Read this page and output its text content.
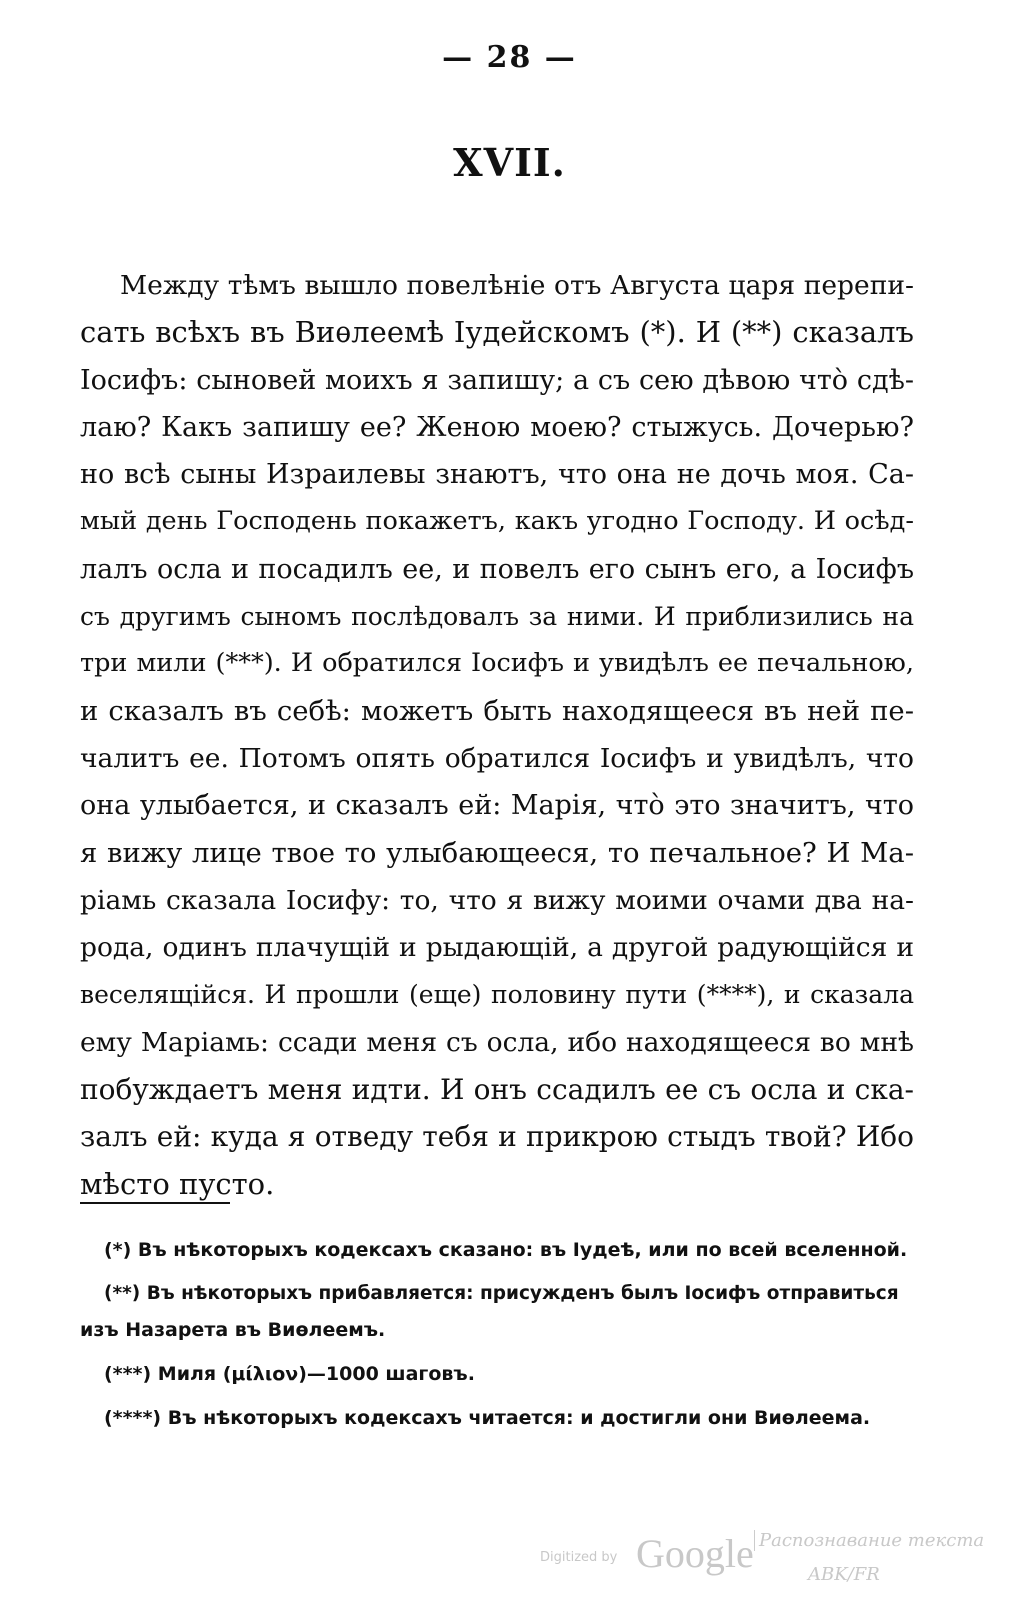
— 28 —
XVII.
Между тѣмъ вышло повелѣніе отъ Августа царя перепи-
сать всѣхъ въ Виѳлеемѣ Іудейскомъ (*). И (**) сказалъ
Іосифъ: сыновей моихъ я запишу; а съ сею дѣвою что̀ сдѣ-
лаю? Какъ запишу ее? Женою моею? стыжусь. Дочерью?
но всѣ сыны Израилевы знаютъ, что она не дочь моя. Са-
мый день Господень покажетъ, какъ угодно Господу. И осѣд-
лалъ осла и посадилъ ее, и повелъ его сынъ его, а Іосифъ
съ другимъ сыномъ послѣдовалъ за ними. И приблизились на
три мили (***). И обратился Іосифъ и увидѣлъ ее печальною,
и сказалъ въ себѣ: можетъ быть находящееся въ ней пе-
чалитъ ее. Потомъ опять обратился Іосифъ и увидѣлъ, что
она улыбается, и сказалъ ей: Марія, что̀ это значитъ, что
я вижу лице твое то улыбающееся, то печальное? И Ма-
ріамь сказала Іосифу: то, что я вижу моими очами два на-
рода, одинъ плачущій и рыдающій, а другой радующійся и
веселящійся. И прошли (еще) половину пути (****), и сказала
ему Маріамь: ссади меня съ осла, ибо находящееся во мнѣ
побуждаетъ меня идти. И онъ ссадилъ ее съ осла и ска-
залъ ей: куда я отведу тебя и прикрою стыдъ твой? Ибо
мѣсто пусто.
(*) Въ нѣкоторыхъ кодексахъ сказано: въ Іудеѣ, или по всей вселенной.
(**) Въ нѣкоторыхъ прибавляется: присужденъ былъ Іосифъ отправиться
изъ Назарета въ Виѳлеемъ.
(***) Миля (μίλιον)—1000 шаговъ.
(****) Въ нѣкоторыхъ кодексахъ читается: и достигли они Виѳлеема.
Digitized by Google Распознавание текста
ABK/FR
